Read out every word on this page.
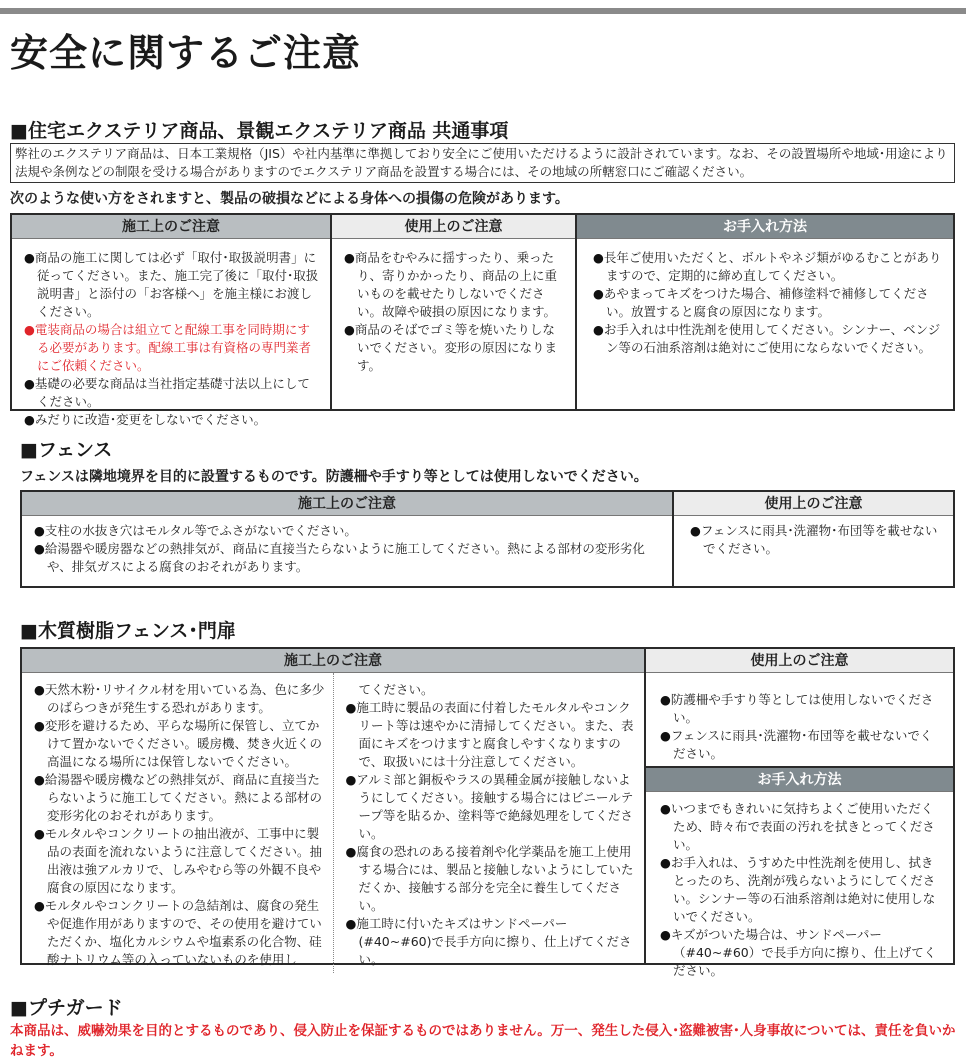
安全に関するご注意
■住宅エクステリア商品、景観エクステリア商品 共通事項
弊社のエクステリア商品は、日本工業規格（JIS）や社内基準に準拠しており安全にご使用いただけるように設計されています。なお、その設置場所や地域･用途により法規や条例などの制限を受ける場合がありますのでエクステリア商品を設置する場合には、その地域の所轄窓口にご確認ください。
次のような使い方をされますと、製品の破損などによる身体への損傷の危険があります。
施工上のご注意
● 商品の施工に関しては必ず「取付･取扱説明書」に従ってください。また、施工完了後に「取付･取扱説明書」と添付の「お客様へ」を施主様にお渡しください。
● 電装商品の場合は組立てと配線工事を同時期にする必要があります。配線工事は有資格の専門業者にご依頼ください。
● 基礎の必要な商品は当社指定基礎寸法以上にしてください。
● みだりに改造･変更をしないでください。
使用上のご注意
● 商品をむやみに揺すったり、乗ったり、寄りかかったり、商品の上に重いものを載せたりしないでください。故障や破損の原因になります。
● 商品のそばでゴミ等を焼いたりしないでください。変形の原因になります。
お手入れ方法
● 長年ご使用いただくと、ボルトやネジ類がゆるむことがありますので、定期的に締め直してください。
● あやまってキズをつけた場合、補修塗料で補修してください。放置すると腐食の原因になります。
● お手入れは中性洗剤を使用してください。シンナー、ベンジン等の石油系溶剤は絶対にご使用にならないでください。
■フェンス
フェンスは隣地境界を目的に設置するものです。防護柵や手すり等としては使用しないでください。
施工上のご注意
● 支柱の水抜き穴はモルタル等でふさがないでください。
● 給湯器や暖房器などの熱排気が、商品に直接当たらないように施工してください。熱による部材の変形劣化や、排気ガスによる腐食のおそれがあります。
使用上のご注意
● フェンスに雨具･洗濯物･布団等を載せないでください。
■木質樹脂フェンス･門扉
施工上のご注意
● 天然木粉･リサイクル材を用いている為、色に多少のばらつきが発生する恐れがあります。
● 変形を避けるため、平らな場所に保管し、立てかけて置かないでください。暖房機、焚き火近くの高温になる場所には保管しないでください。
● 給湯器や暖房機などの熱排気が、商品に直接当たらないように施工してください。熱による部材の変形劣化のおそれがあります。
● モルタルやコンクリートの抽出液が、工事中に製品の表面を流れないように注意してください。抽出液は強アルカリで、しみやむら等の外観不良や腐食の原因になります。
● モルタルやコンクリートの急結剤は、腐食の発生や促進作用がありますので、その使用を避けていただくか、塩化カルシウムや塩素系の化合物、硅酸ナトリウム等の入っていないものを使用し
てください。
● 施工時に製品の表面に付着したモルタルやコンクリート等は速やかに清掃してください。また、表面にキズをつけますと腐食しやすくなりますので、取扱いには十分注意してください。
● アルミ部と銅板やラスの異種金属が接触しないようにしてください。接触する場合にはビニールテープ等を貼るか、塗料等で絶縁処理をしてください。
● 腐食の恐れのある接着剤や化学薬品を施工上使用する場合には、製品と接触しないようにしていただくか、接触する部分を完全に養生してください。
● 施工時に付いたキズはサンドペーパー(#40~#60)で長手方向に擦り、仕上げてください。
使用上のご注意
● 防護柵や手すり等としては使用しないでください。
● フェンスに雨具･洗濯物･布団等を載せないでください。
お手入れ方法
● いつまでもきれいに気持ちよくご使用いただくため、時々布で表面の汚れを拭きとってください。
● お手入れは、うすめた中性洗剤を使用し、拭きとったのち、洗剤が残らないようにしてください。シンナー等の石油系溶剤は絶対に使用しないでください。
● キズがついた場合は、サンドペーパー（#40~#60）で長手方向に擦り、仕上げてください。
■プチガード
本商品は、威嚇効果を目的とするものであり、侵入防止を保証するものではありません。万一、発生した侵入･盗難被害･人身事故については、責任を負いかねます。
